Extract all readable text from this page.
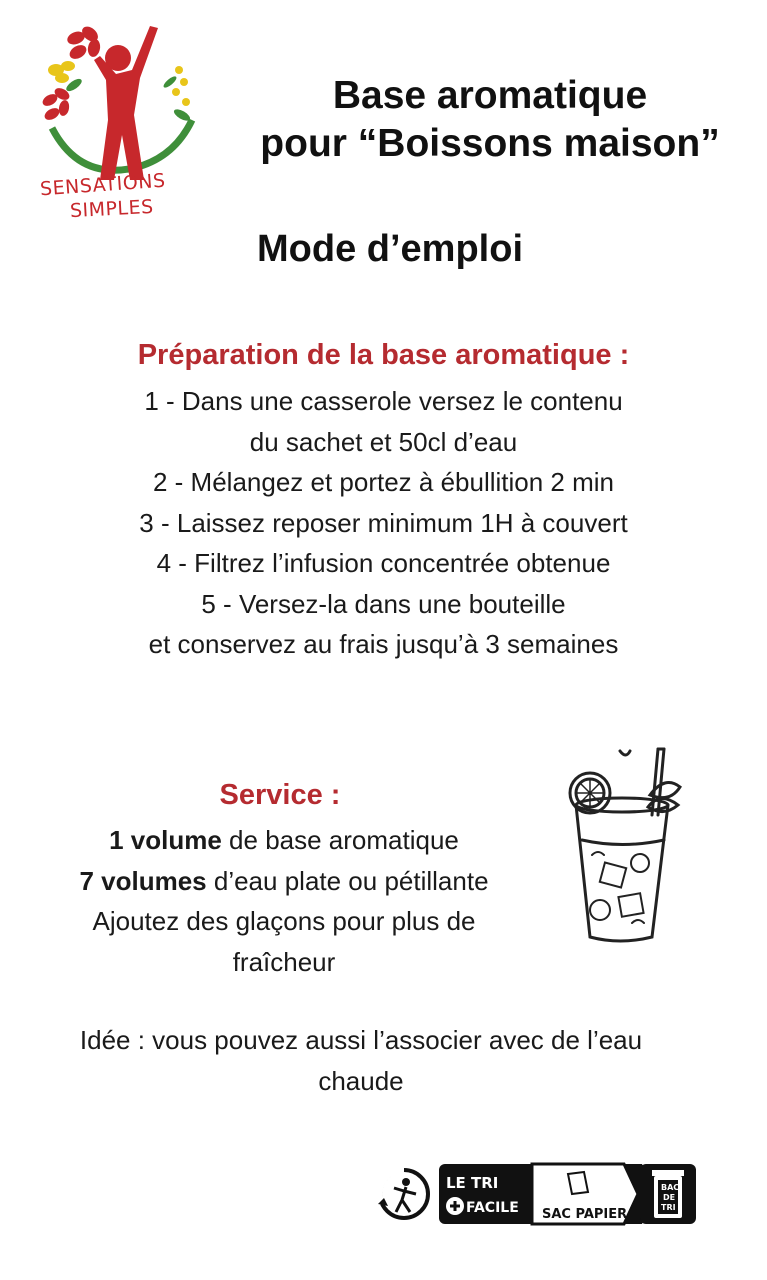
SENSATIONS
SIMPLES
Base aromatique
pour “Boissons maison”
Mode d’emploi
Préparation de la base aromatique :
1 - Dans une casserole versez le contenu
du sachet et 50cl d’eau
2 - Mélangez et portez à ébullition 2 min
3 - Laissez reposer minimum 1H à couvert
4 - Filtrez l’infusion concentrée obtenue
5 - Versez-la dans une bouteille
et conservez au frais jusqu’à 3 semaines
Service :
1 volume de base aromatique
7 volumes d’eau plate ou pétillante
Ajoutez des glaçons pour plus de
fraîcheur
Idée : vous pouvez aussi l’associer avec de l’eau
chaude
LE TRI
FACILE SAC PAPIER
BAC
DE
TRI
